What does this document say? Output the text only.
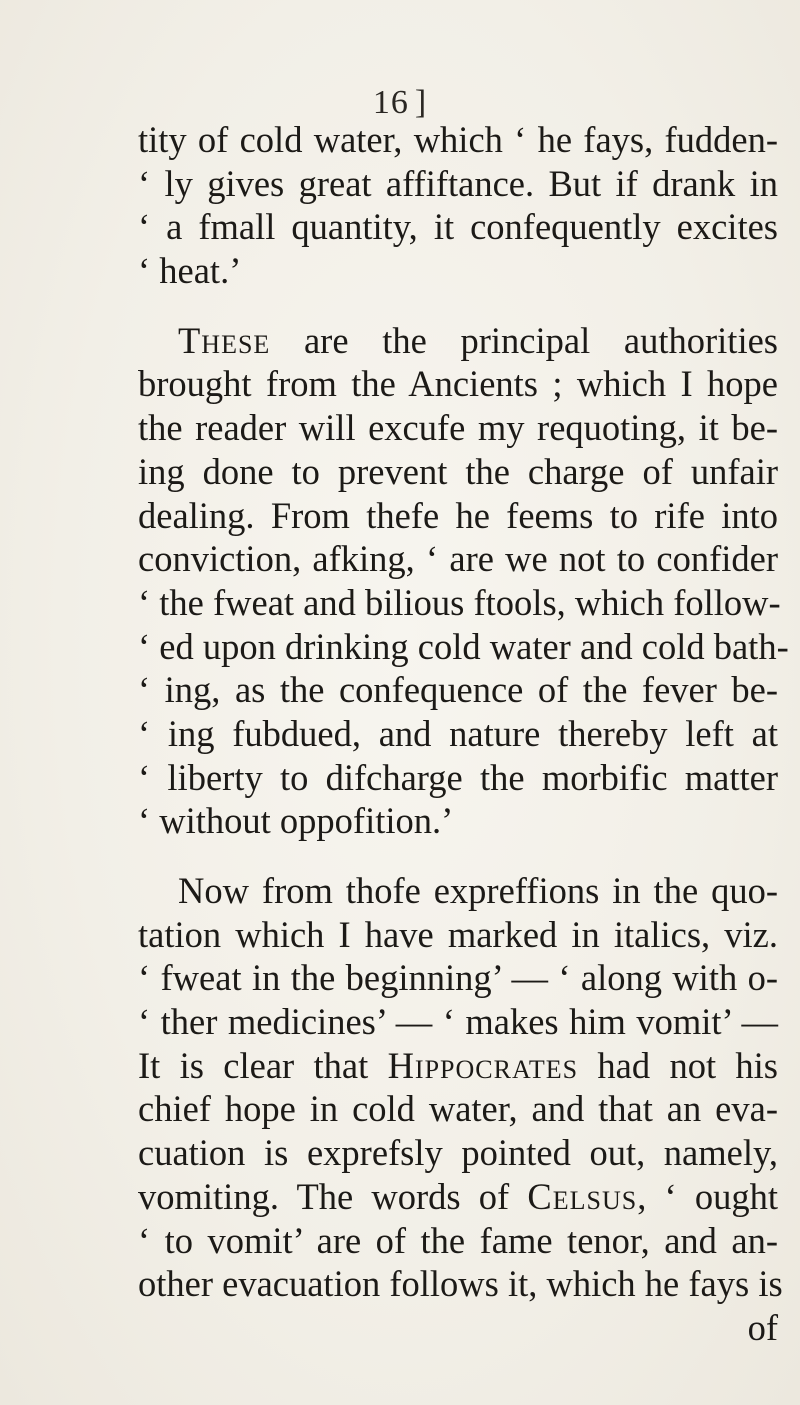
16 ]
tity of cold water, which ‘ he fays, fudden-
‘ ly gives great affiftance. But if drank in
‘ a fmall quantity, it confequently excites
‘ heat.’
These are the principal authorities
brought from the Ancients ; which I hope
the reader will excufe my requoting, it be-
ing done to prevent the charge of unfair
dealing. From thefe he feems to rife into
conviction, afking, ‘ are we not to confider
‘ the fweat and bilious ftools, which follow-
‘ ed upon drinking cold water and cold bath-
‘ ing, as the confequence of the fever be-
‘ ing fubdued, and nature thereby left at
‘ liberty to difcharge the morbific matter
‘ without oppofition.’
Now from thofe expreffions in the quo-
tation which I have marked in italics, viz.
‘ fweat in the beginning’ — ‘ along with o-
‘ ther medicines’ — ‘ makes him vomit’ —
It is clear that Hippocrates had not his
chief hope in cold water, and that an eva-
cuation is exprefsly pointed out, namely,
vomiting. The words of Celsus, ‘ ought
‘ to vomit’ are of the fame tenor, and an-
other evacuation follows it, which he fays is
of
